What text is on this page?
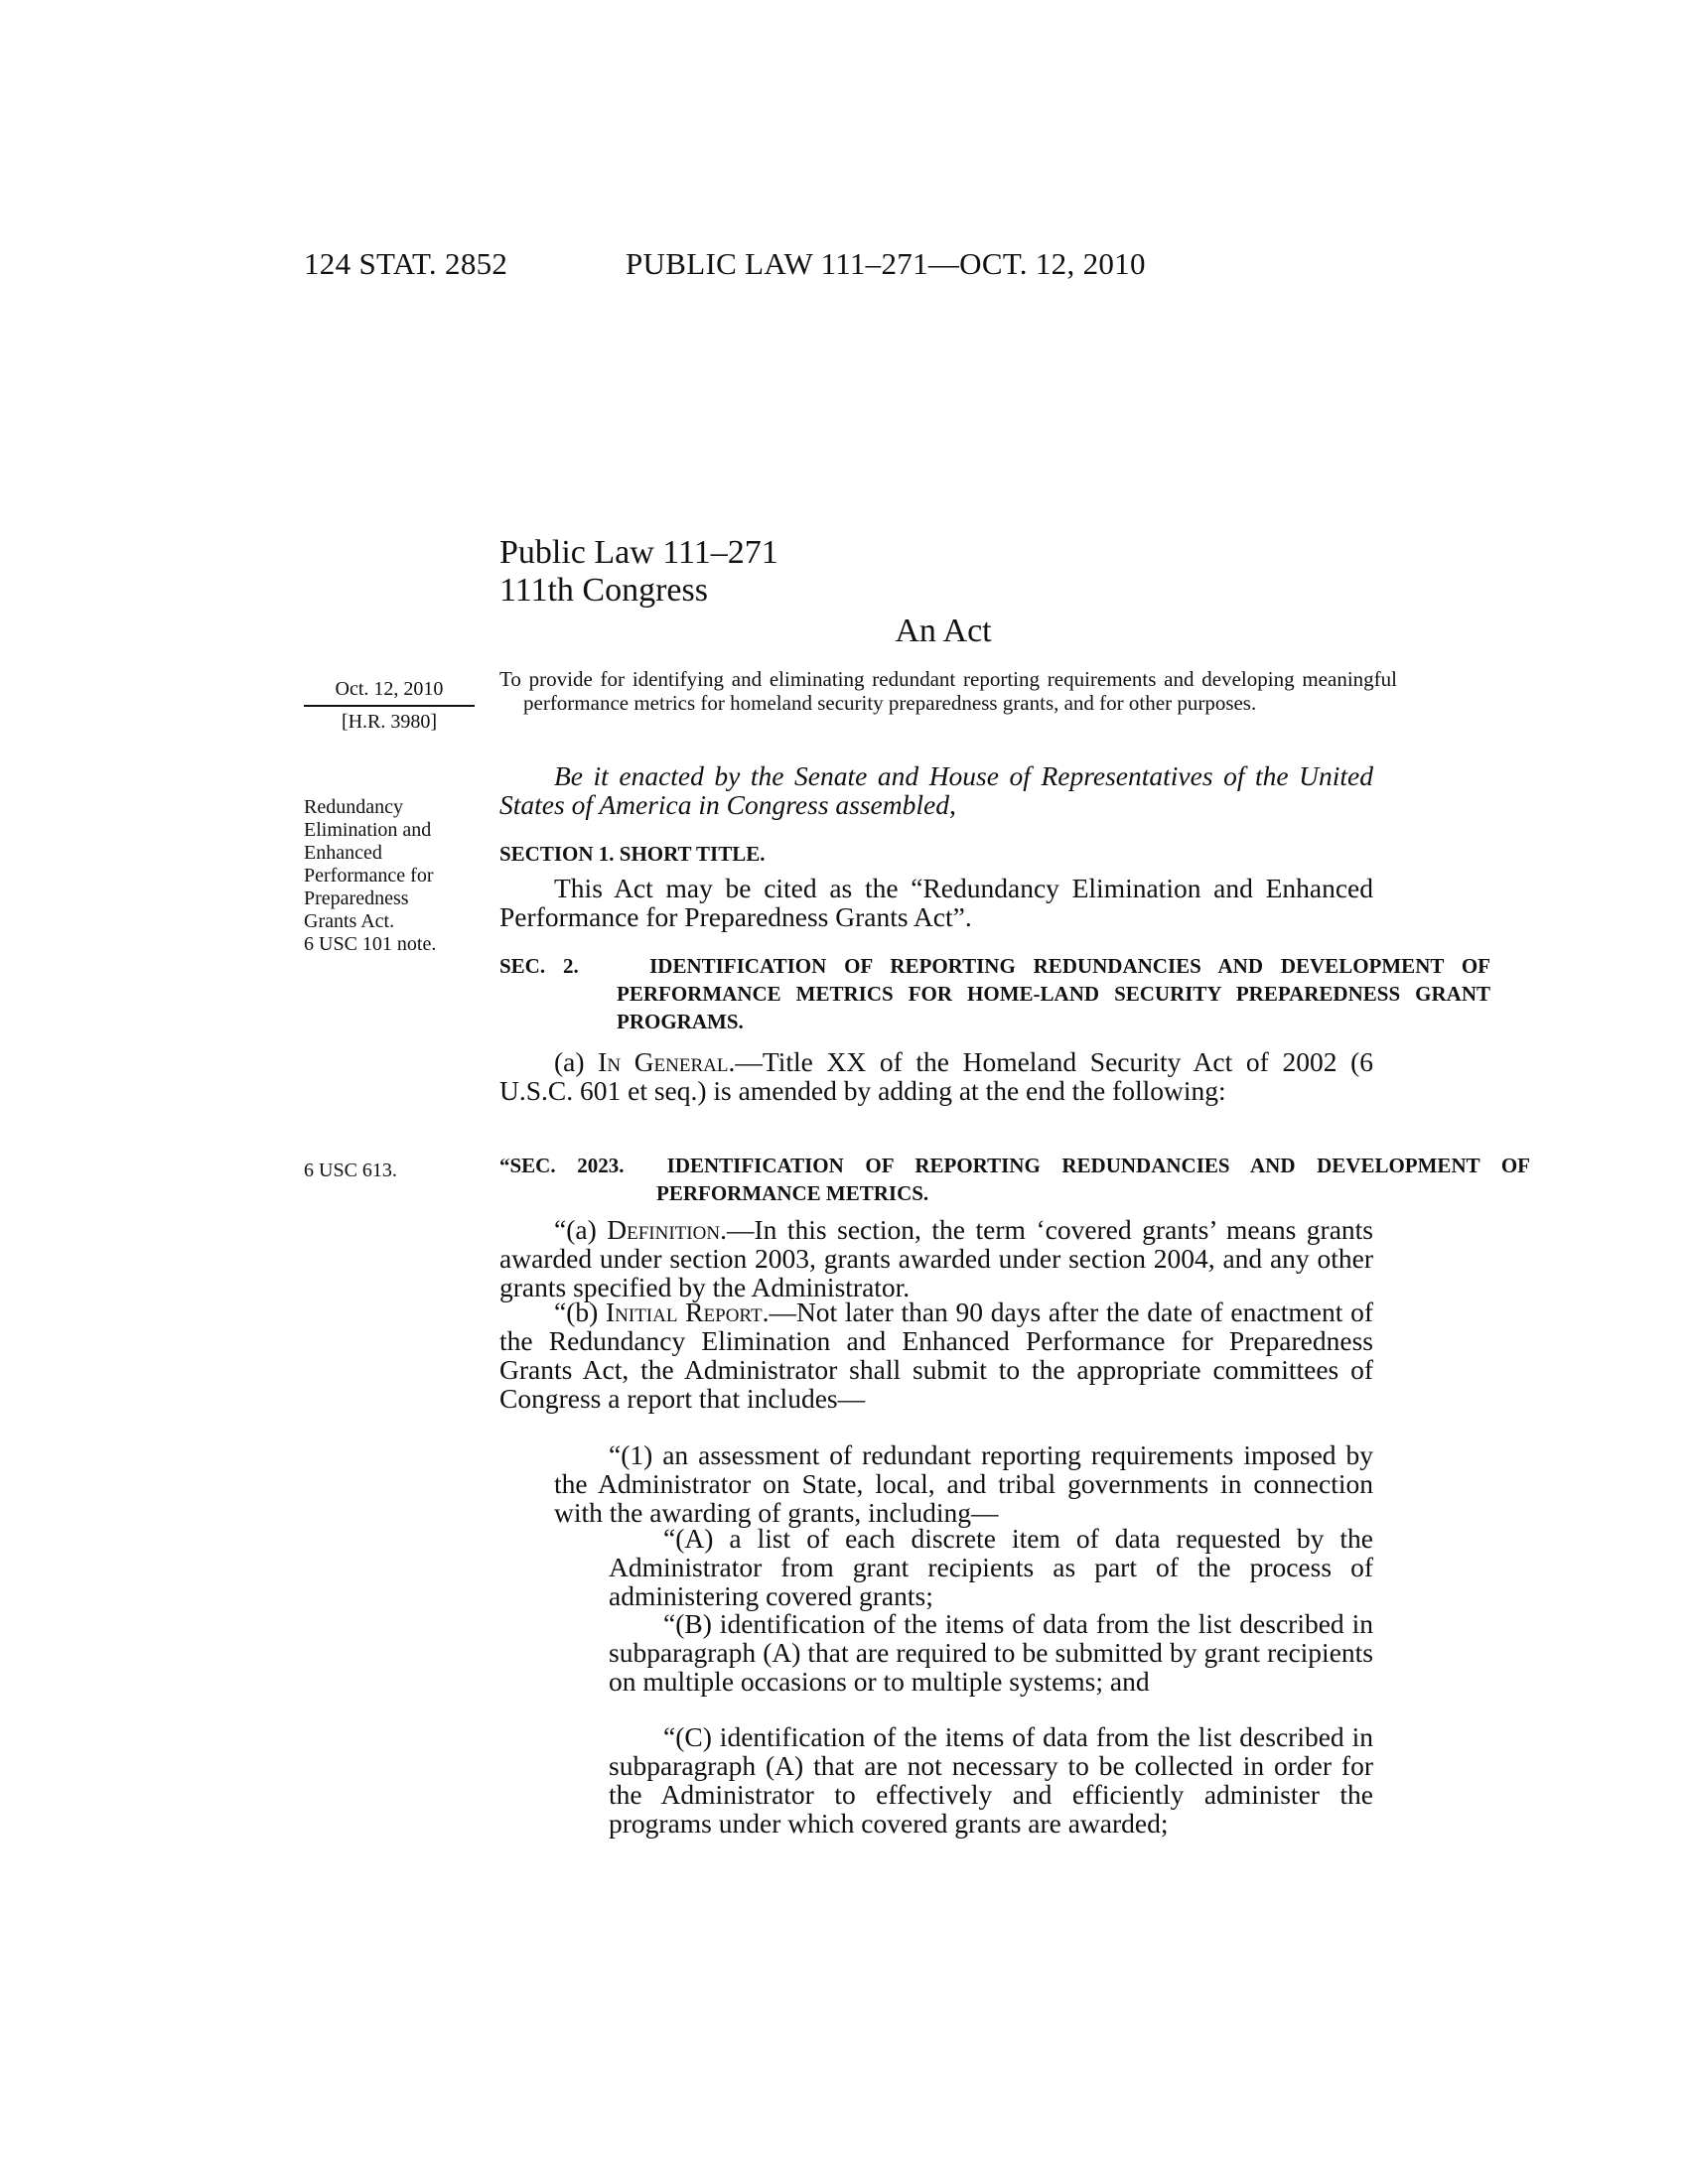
124 STAT. 2852	PUBLIC LAW 111–271—OCT. 12, 2010
Public Law 111–271
111th Congress
An Act
Oct. 12, 2010
[H.R. 3980]
Redundancy
Elimination and
Enhanced
Performance for
Preparedness
Grants Act.
6 USC 101 note.
6 USC 613.
To provide for identifying and eliminating redundant reporting requirements and developing meaningful performance metrics for homeland security preparedness grants, and for other purposes.
Be it enacted by the Senate and House of Representatives of the United States of America in Congress assembled,
SECTION 1. SHORT TITLE.
This Act may be cited as the “Redundancy Elimination and Enhanced Performance for Preparedness Grants Act”.
SEC. 2.	IDENTIFICATION OF REPORTING REDUNDANCIES AND DEVELOPMENT OF PERFORMANCE METRICS FOR HOME-LAND SECURITY PREPAREDNESS GRANT PROGRAMS.
(a) In General.—Title XX of the Homeland Security Act of 2002 (6 U.S.C. 601 et seq.) is amended by adding at the end the following:
“SEC. 2023. IDENTIFICATION OF REPORTING REDUNDANCIES AND DEVELOPMENT OF PERFORMANCE METRICS.
“(a) Definition.—In this section, the term ‘covered grants’ means grants awarded under section 2003, grants awarded under section 2004, and any other grants specified by the Administrator.
“(b) Initial Report.—Not later than 90 days after the date of enactment of the Redundancy Elimination and Enhanced Performance for Preparedness Grants Act, the Administrator shall submit to the appropriate committees of Congress a report that includes—
“(1) an assessment of redundant reporting requirements imposed by the Administrator on State, local, and tribal governments in connection with the awarding of grants, including—
“(A) a list of each discrete item of data requested by the Administrator from grant recipients as part of the process of administering covered grants;
“(B) identification of the items of data from the list described in subparagraph (A) that are required to be submitted by grant recipients on multiple occasions or to multiple systems; and
“(C) identification of the items of data from the list described in subparagraph (A) that are not necessary to be collected in order for the Administrator to effectively and efficiently administer the programs under which covered grants are awarded;
